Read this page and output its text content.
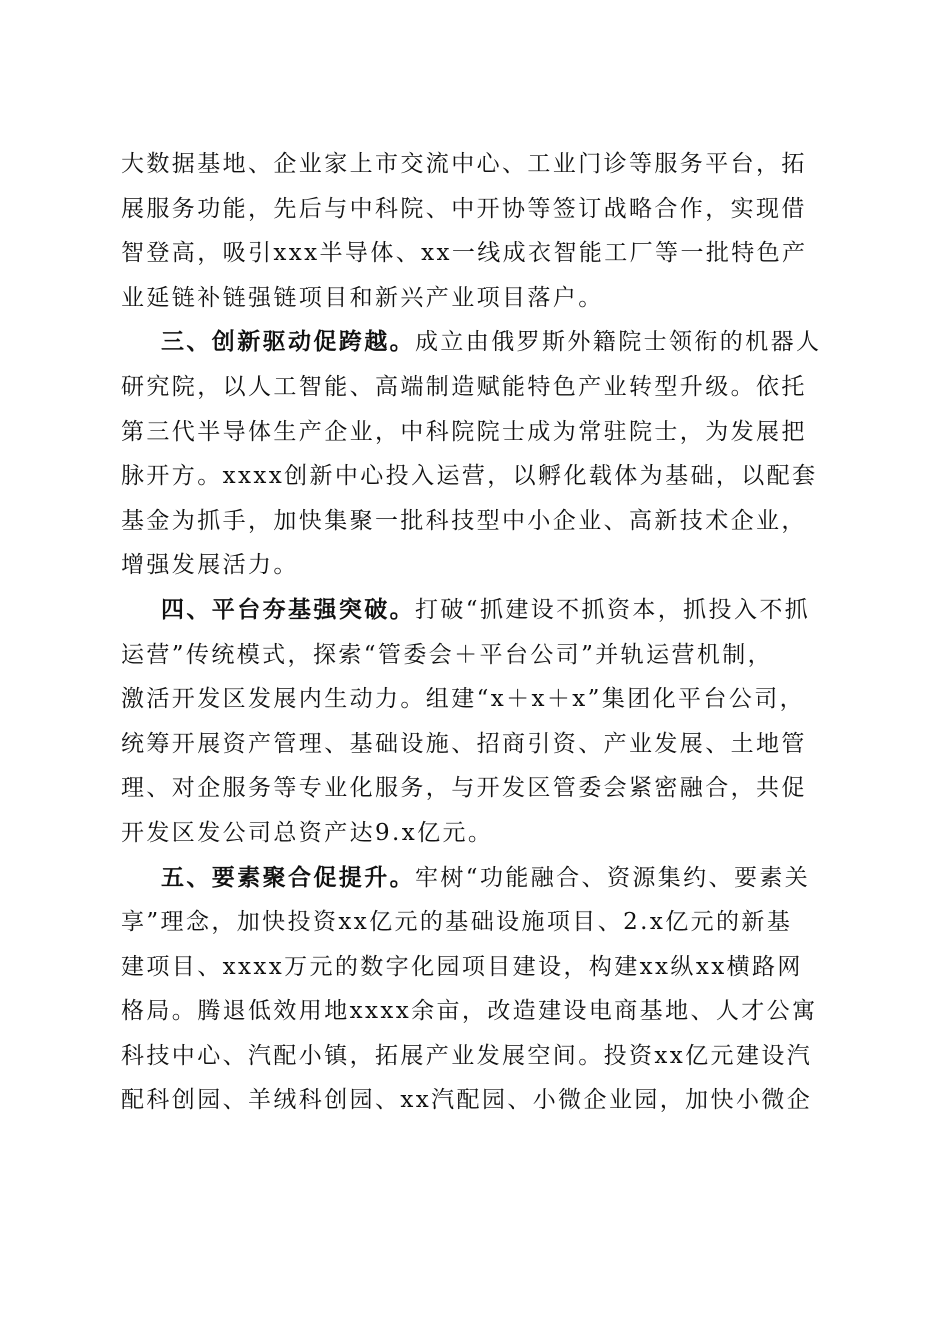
大数据基地、企业家上市交流中心、工业门诊等服务平台，拓
展服务功能，先后与中科院、中开协等签订战略合作，实现借
智登高，吸引xxx半导体、xx一线成衣智能工厂等一批特色产
业延链补链强链项目和新兴产业项目落户。
三、创新驱动促跨越。成立由俄罗斯外籍院士领衔的机器人
研究院，以人工智能、高端制造赋能特色产业转型升级。依托
第三代半导体生产企业，中科院院士成为常驻院士，为发展把
脉开方。xxxx创新中心投入运营，以孵化载体为基础，以配套
基金为抓手，加快集聚一批科技型中小企业、高新技术企业，
增强发展活力。
四、平台夯基强突破。打破“抓建设不抓资本，抓投入不抓
运营”传统模式，探索“管委会＋平台公司”并轨运营机制，
激活开发区发展内生动力。组建“x＋x＋x”集团化平台公司，
统筹开展资产管理、基础设施、招商引资、产业发展、土地管
理、对企服务等专业化服务，与开发区管委会紧密融合，共促
开发区发公司总资产达9.x亿元。
五、要素聚合促提升。牢树“功能融合、资源集约、要素关
享”理念，加快投资xx亿元的基础设施项目、2.x亿元的新基
建项目、xxxx万元的数字化园项目建设，构建xx纵xx横路网
格局。腾退低效用地xxxx余亩，改造建设电商基地、人才公寓
科技中心、汽配小镇，拓展产业发展空间。投资xx亿元建设汽
配科创园、羊绒科创园、xx汽配园、小微企业园，加快小微企
